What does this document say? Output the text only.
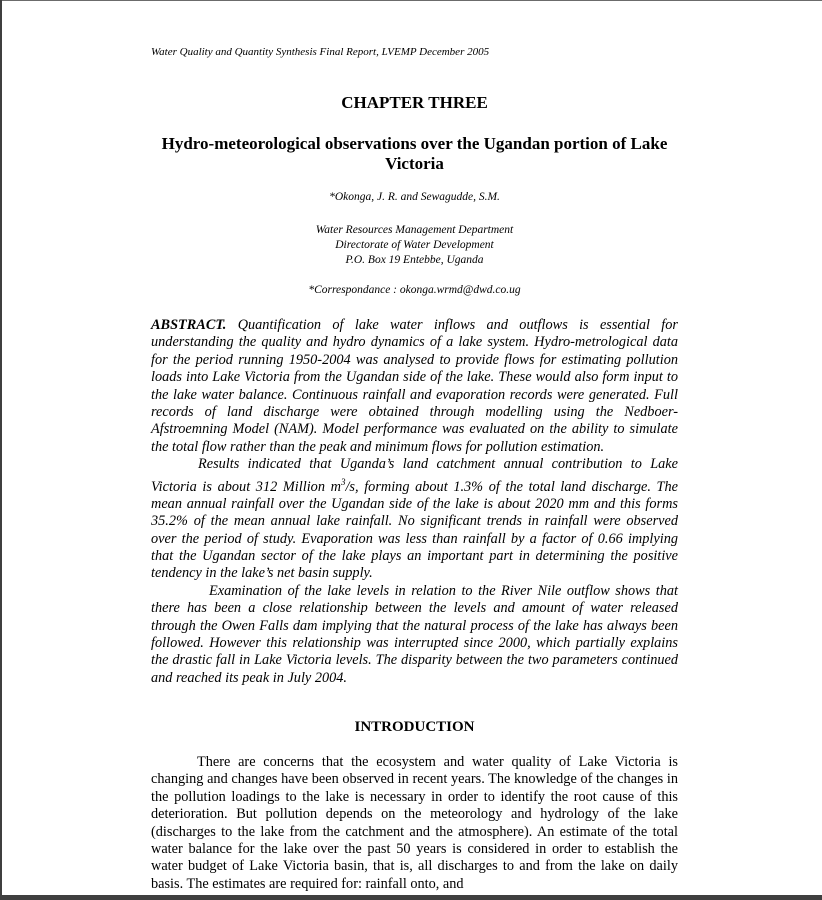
Water Quality and Quantity Synthesis Final Report, LVEMP December 2005
CHAPTER THREE
Hydro-meteorological observations over the Ugandan portion of Lake Victoria
*Okonga, J. R. and Sewagudde, S.M.
Water Resources Management Department
Directorate of Water Development
P.O. Box 19 Entebbe, Uganda
*Correspondance : okonga.wrmd@dwd.co.ug

ABSTRACT. Quantification of lake water inflows and outflows is essential for understanding the quality and hydro dynamics of a lake system. Hydro-metrological data for the period running 1950-2004 was analysed to provide flows for estimating pollution loads into Lake Victoria from the Ugandan side of the lake. These would also form input to the lake water balance. Continuous rainfall and evaporation records were generated. Full records of land discharge were obtained through modelling using the Nedboer-Afstroemning Model (NAM). Model performance was evaluated on the ability to simulate the total flow rather than the peak and minimum flows for pollution estimation.

Results indicated that Uganda’s land catchment annual contribution to Lake Victoria is about 312 Million $m^3/s$, forming about 1.3% of the total land discharge. The mean annual rainfall over the Ugandan side of the lake is about 2020 mm and this forms 35.2% of the mean annual lake rainfall. No significant trends in rainfall were observed over the period of study. Evaporation was less than rainfall by a factor of 0.66 implying that the Ugandan sector of the lake plays an important part in determining the positive tendency in the lake’s net basin supply.

Examination of the lake levels in relation to the River Nile outflow shows that there has been a close relationship between the levels and amount of water released through the Owen Falls dam implying that the natural process of the lake has always been followed. However this relationship was interrupted since 2000, which partially explains the drastic fall in Lake Victoria levels. The disparity between the two parameters continued and reached its peak in July 2004.

INTRODUCTION

There are concerns that the ecosystem and water quality of Lake Victoria is changing and changes have been observed in recent years. The knowledge of the changes in the pollution loadings to the lake is necessary in order to identify the root cause of this deterioration. But pollution depends on the meteorology and hydrology of the lake (discharges to the lake from the catchment and the atmosphere). An estimate of the total water balance for the lake over the past 50 years is considered in order to establish the water budget of Lake Victoria basin, that is, all discharges to and from the lake on daily basis. The estimates are required for: rainfall onto, and
